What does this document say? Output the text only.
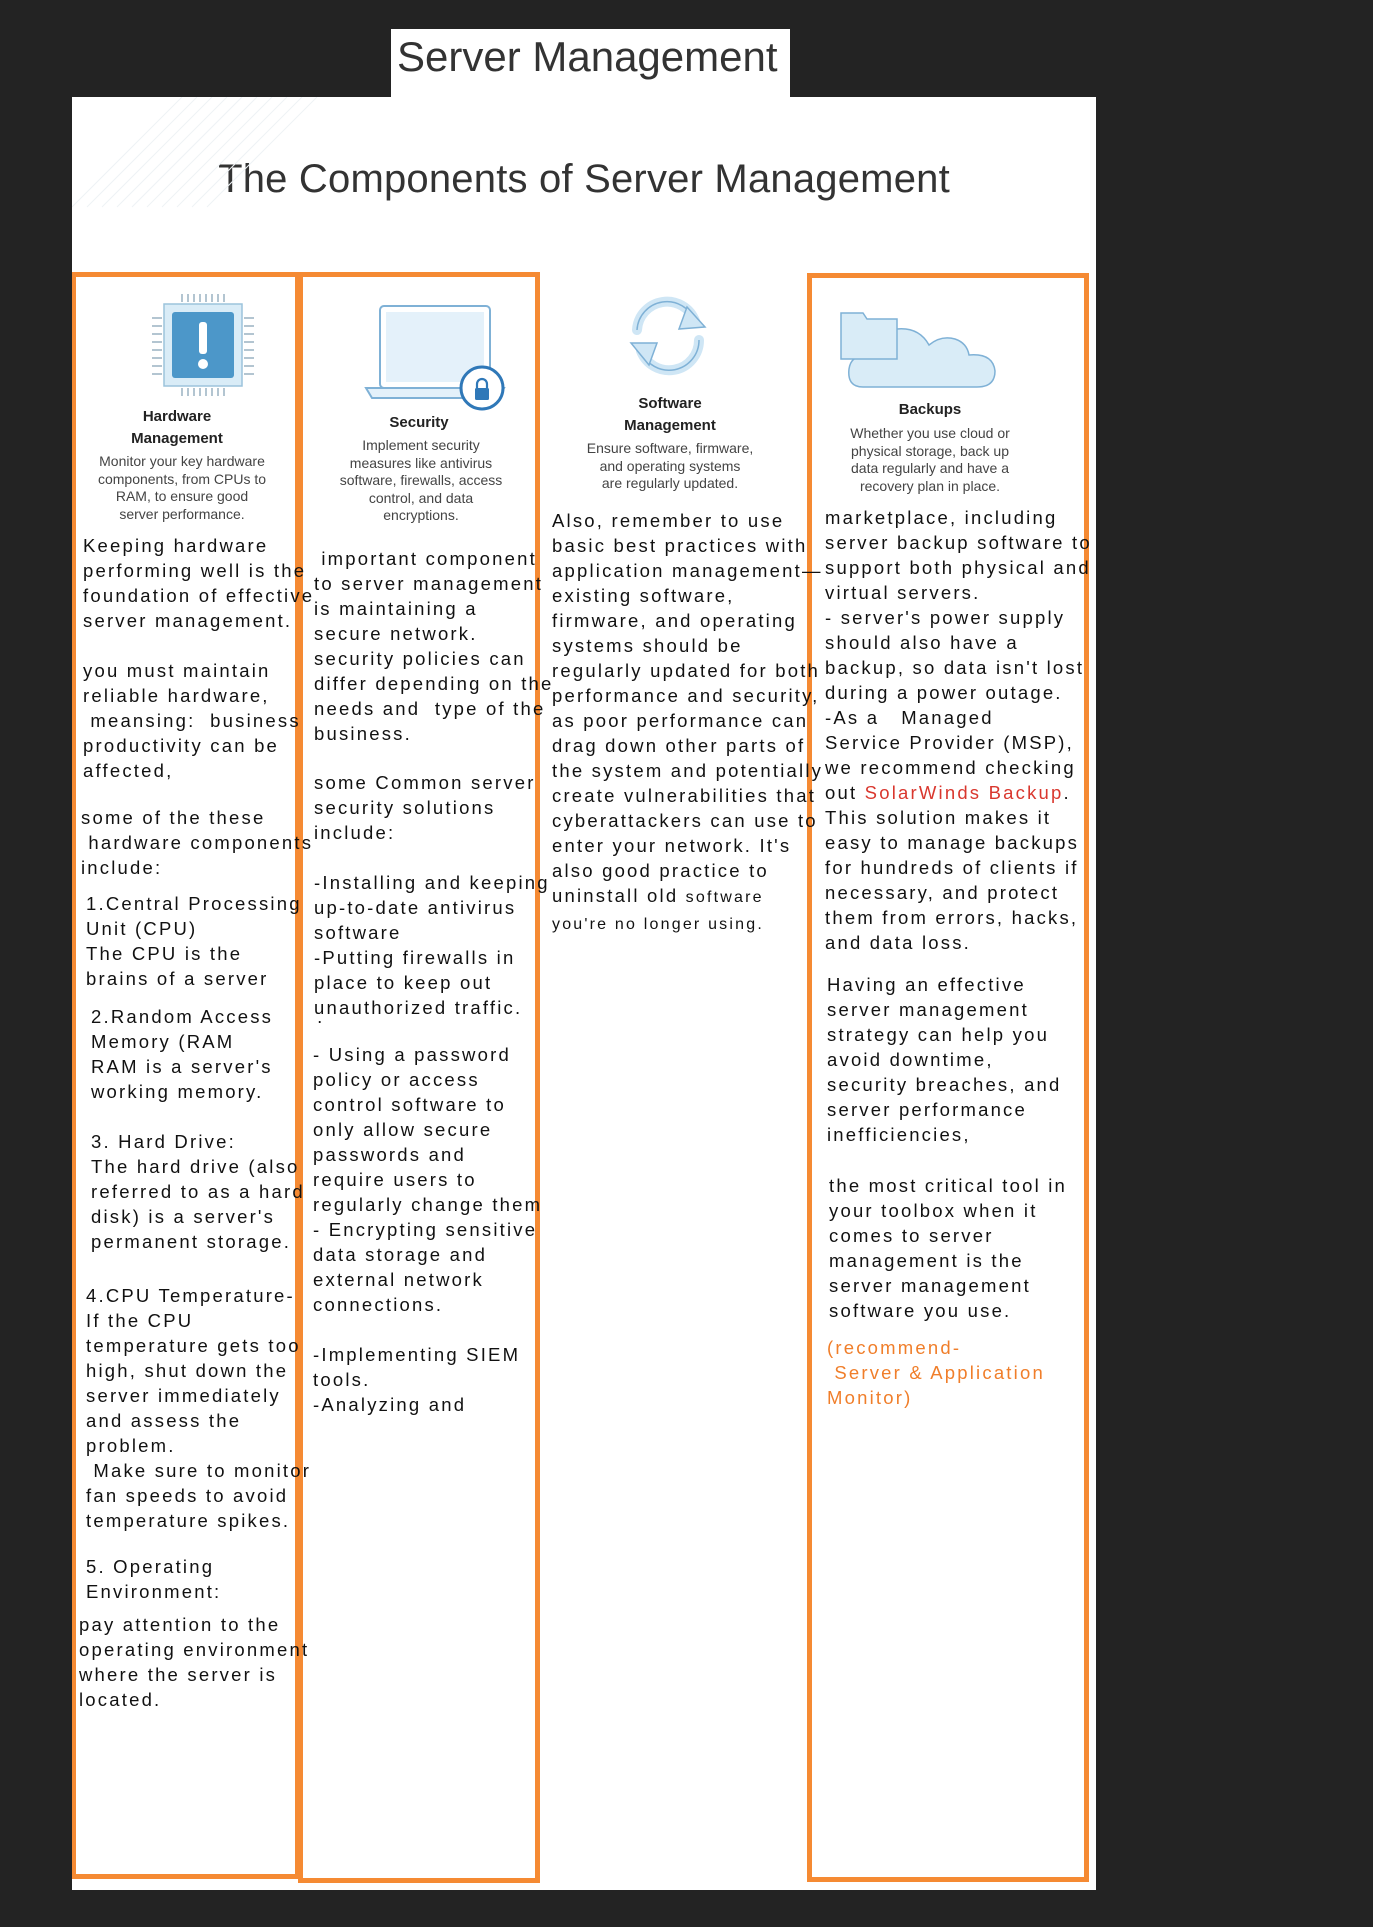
Server Management
The Components of Server Management
Hardware
Management
Monitor your key hardware
components, from CPUs to
RAM, to ensure good
server performance.
Security
Implement security
measures like antivirus
software, firewalls, access
control, and data
encryptions.
Software
Management
Ensure software, firmware,
and operating systems
are regularly updated.
Backups
Whether you use cloud or
physical storage, back up
data regularly and have a
recovery plan in place.
Keeping hardware
performing well is the
foundation of effective
server management.
you must maintain
reliable hardware,
meansing:  business
productivity can be
affected,
some of the these
hardware components
include:
1.Central Processing
Unit (CPU)
The CPU is the
brains of a server
2.Random Access      .
Memory (RAM
RAM is a server's
working memory.
3. Hard Drive:
The hard drive (also
referred to as a hard
disk) is a server's
permanent storage.
4.CPU Temperature-
If the CPU
temperature gets too
high, shut down the
server immediately
and assess the
problem.
Make sure to monitor
fan speeds to avoid
temperature spikes.
5. Operating
Environment:
pay attention to the
operating environment
where the server is
located.
important component
to server management
is maintaining a
secure network.
security policies can
differ depending on the
needs and  type of the
business.
some Common server
security solutions
include:
-Installing and keeping
up-to-date antivirus
software
-Putting firewalls in
place to keep out
unauthorized traffic.
- Using a password
policy or access
control software to
only allow secure
passwords and
require users to
regularly change them
- Encrypting sensitive
data storage and
external network
connections.
-Implementing SIEM
tools.
-Analyzing and
Also, remember to use
basic best practices with
application management—
existing software,
firmware, and operating
systems should be
regularly updated for both
performance and security,
as poor performance can
drag down other parts of
the system and potentially
create vulnerabilities that
cyberattackers can use to
enter your network. It's
also good practice to
uninstall old software
you're no longer using.
marketplace, including
server backup software to
support both physical and
virtual servers.
- server's power supply
should also have a
backup, so data isn't lost
during a power outage.
-As a   Managed
Service Provider (MSP),
we recommend checking
out SolarWinds Backup.
This solution makes it
easy to manage backups
for hundreds of clients if
necessary, and protect
them from errors, hacks,
and data loss.
Having an effective
server management
strategy can help you
avoid downtime,
security breaches, and
server performance
inefficiencies,
the most critical tool in
your toolbox when it
comes to server
management is the
server management
software you use.
(recommend-
Server & Application
Monitor)
